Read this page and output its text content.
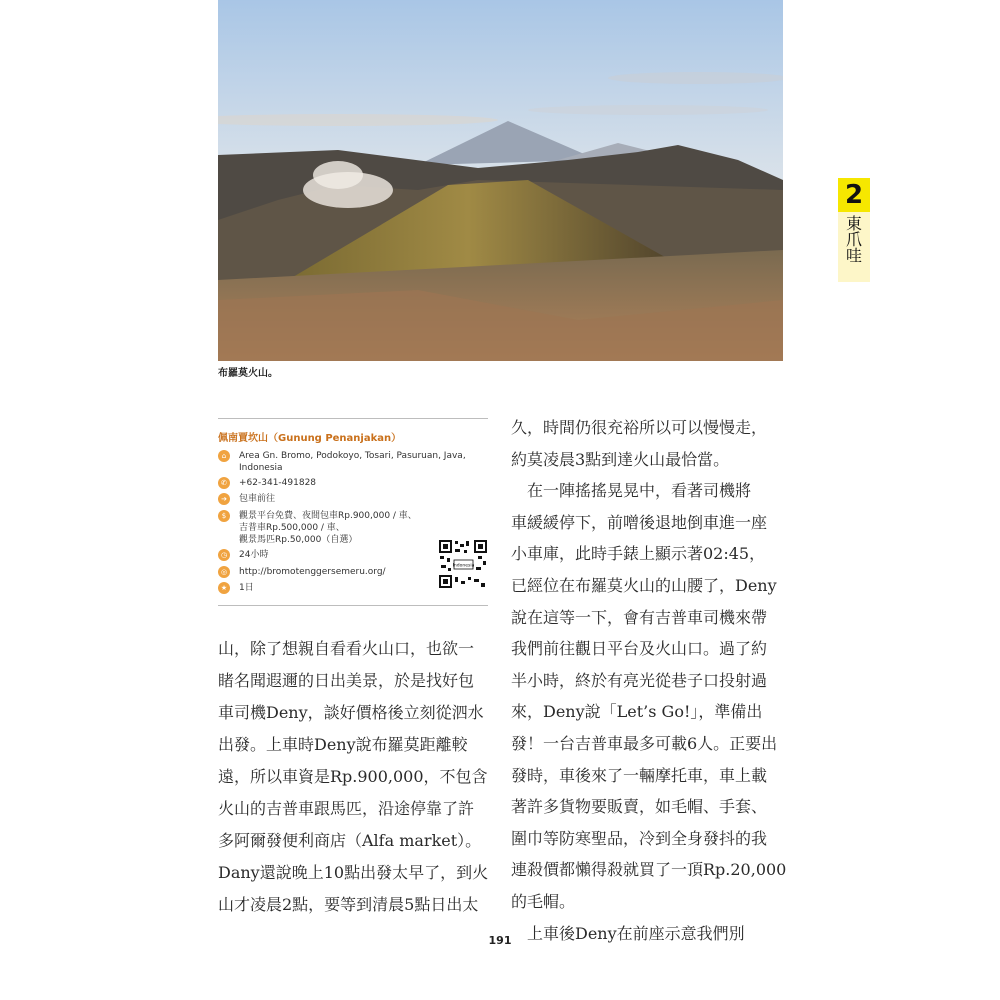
布羅莫火山。
2
東
爪
哇
佩南賈坎山（Gunung Penanjakan）
⌂	Area Gn. Bromo, Podokoyo, Tosari, Pasuruan, Java,
Indonesia
✆	+62-341-491828
➔	包車前往
$	觀景平台免費、夜間包車Rp.900,000 / 車、
吉普車Rp.500,000 / 車、
觀景馬匹Rp.50,000（自選）
◷	24小時
◎	http://bromotenggersemeru.org/
★	1日
Indonesia
山，除了想親自看看火山口，也欲一
睹名聞遐邇的日出美景，於是找好包
車司機Deny，談好價格後立刻從泗水
出發。上車時Deny說布羅莫距離較
遠，所以車資是Rp.900,000，不包含
火山的吉普車跟馬匹，沿途停靠了許
多阿爾發便利商店（Alfa market）。
Dany還說晚上10點出發太早了，到火
山才凌晨2點，要等到清晨5點日出太
久，時間仍很充裕所以可以慢慢走，
約莫凌晨3點到達火山最恰當。
　在一陣搖搖晃晃中，看著司機將
車緩緩停下，前噌後退地倒車進一座
小車庫，此時手錶上顯示著02:45，
已經位在布羅莫火山的山腰了，Deny
說在這等一下，會有吉普車司機來帶
我們前往觀日平台及火山口。過了約
半小時，終於有亮光從巷子口投射過
來，Deny說「Let’s Go!」，準備出
發！一台吉普車最多可載6人。正要出
發時，車後來了一輛摩托車，車上載
著許多貨物要販賣，如毛帽、手套、
圍巾等防寒聖品，冷到全身發抖的我
連殺價都懶得殺就買了一頂Rp.20,000
的毛帽。
　上車後Deny在前座示意我們別
191
